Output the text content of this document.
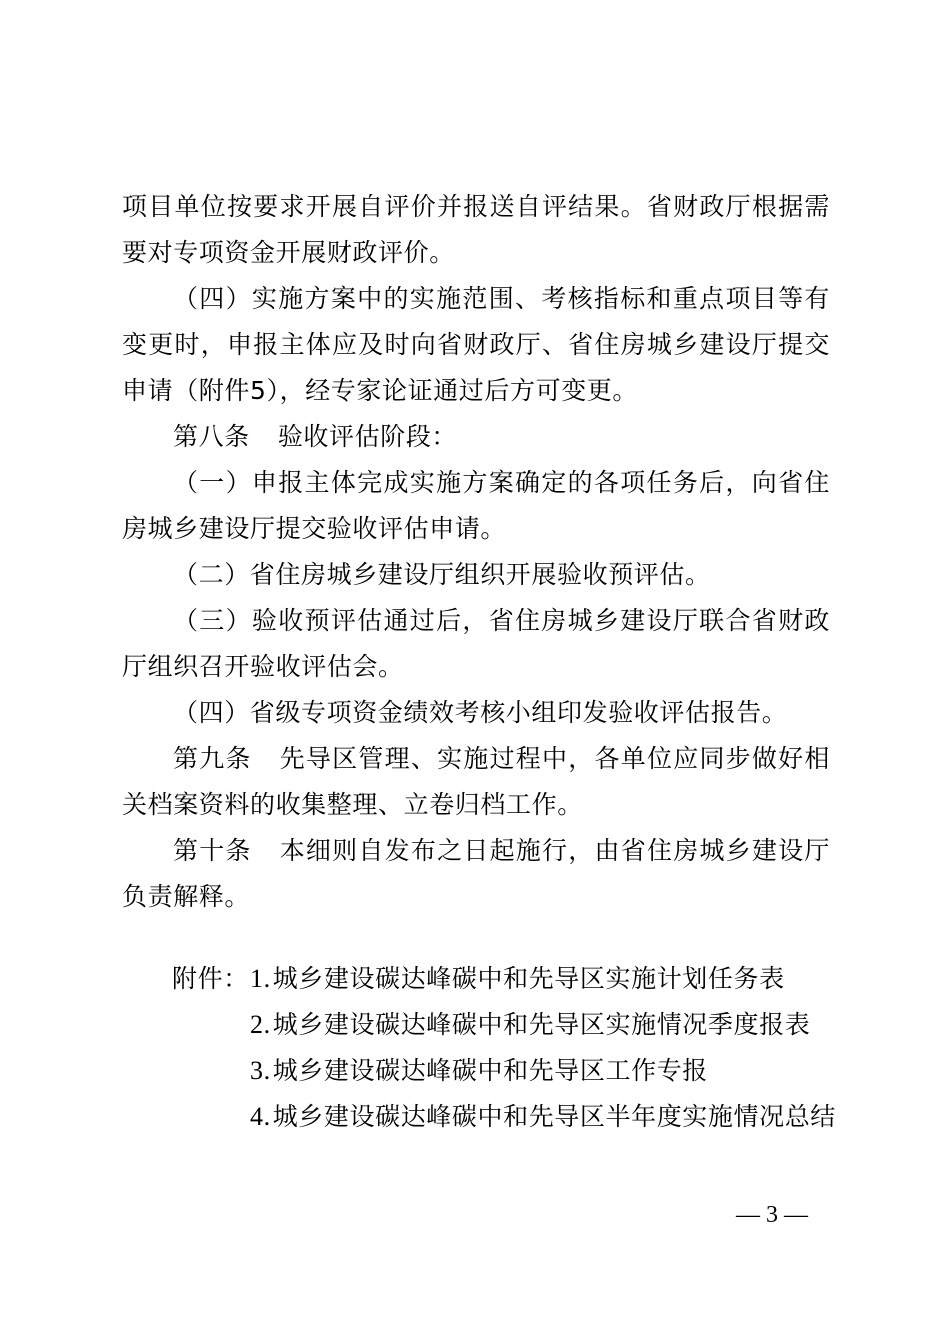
项目单位按要求开展自评价并报送自评结果。省财政厅根据需要对专项资金开展财政评价。

（四）实施方案中的实施范围、考核指标和重点项目等有变更时，申报主体应及时向省财政厅、省住房城乡建设厅提交申请（附件5），经专家论证通过后方可变更。

第八条 验收评估阶段：

（一）申报主体完成实施方案确定的各项任务后，向省住房城乡建设厅提交验收评估申请。

（二）省住房城乡建设厅组织开展验收预评估。

（三）验收预评估通过后，省住房城乡建设厅联合省财政厅组织召开验收评估会。

（四）省级专项资金绩效考核小组印发验收评估报告。

第九条 先导区管理、实施过程中，各单位应同步做好相关档案资料的收集整理、立卷归档工作。

第十条 本细则自发布之日起施行，由省住房城乡建设厅负责解释。

附件： 1. 城乡建设碳达峰碳中和先导区实施计划任务表
2. 城乡建设碳达峰碳中和先导区实施情况季度报表
3. 城乡建设碳达峰碳中和先导区工作专报
4. 城乡建设碳达峰碳中和先导区半年度实施情况总结
— 3 —
